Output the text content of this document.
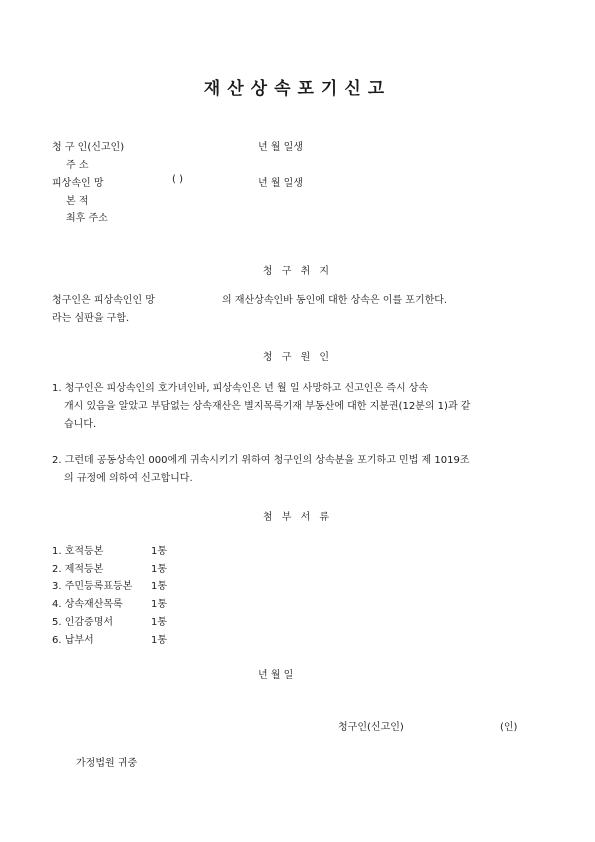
재산상속포기신고
청 구 인(신고인)	년 월 일생
주 소
피상속인 망	( )	년 월 일생
본 적
최후 주소
청 구 취 지
청구인은 피상속인인 망	의 재산상속인바 동인에 대한 상속은 이를 포기한다.
라는 심판을 구함.
청 구 원 인
1. 청구인은 피상속인의 호가녀인바, 피상속인은 년 월 일 사망하고 신고인은 즉시 상속
개시 있음을 알았고 부담없는 상속재산은 별지목록기재 부동산에 대한 지분권(12분의 1)과 같
습니다.
2. 그런데 공동상속인 000에게 귀속시키기 위하여 청구인의 상속분을 포기하고 민법 제 1019조
의 규정에 의하여 신고합니다.
첨 부 서 류
1. 호적등본	1통
2. 제적등본	1통
3. 주민등록표등본 1통
4. 상속재산목록	1통
5. 인감증명서	1통
6. 납부서	1통
년 월 일
청구인(신고인)	(인)
가정법원 귀중
